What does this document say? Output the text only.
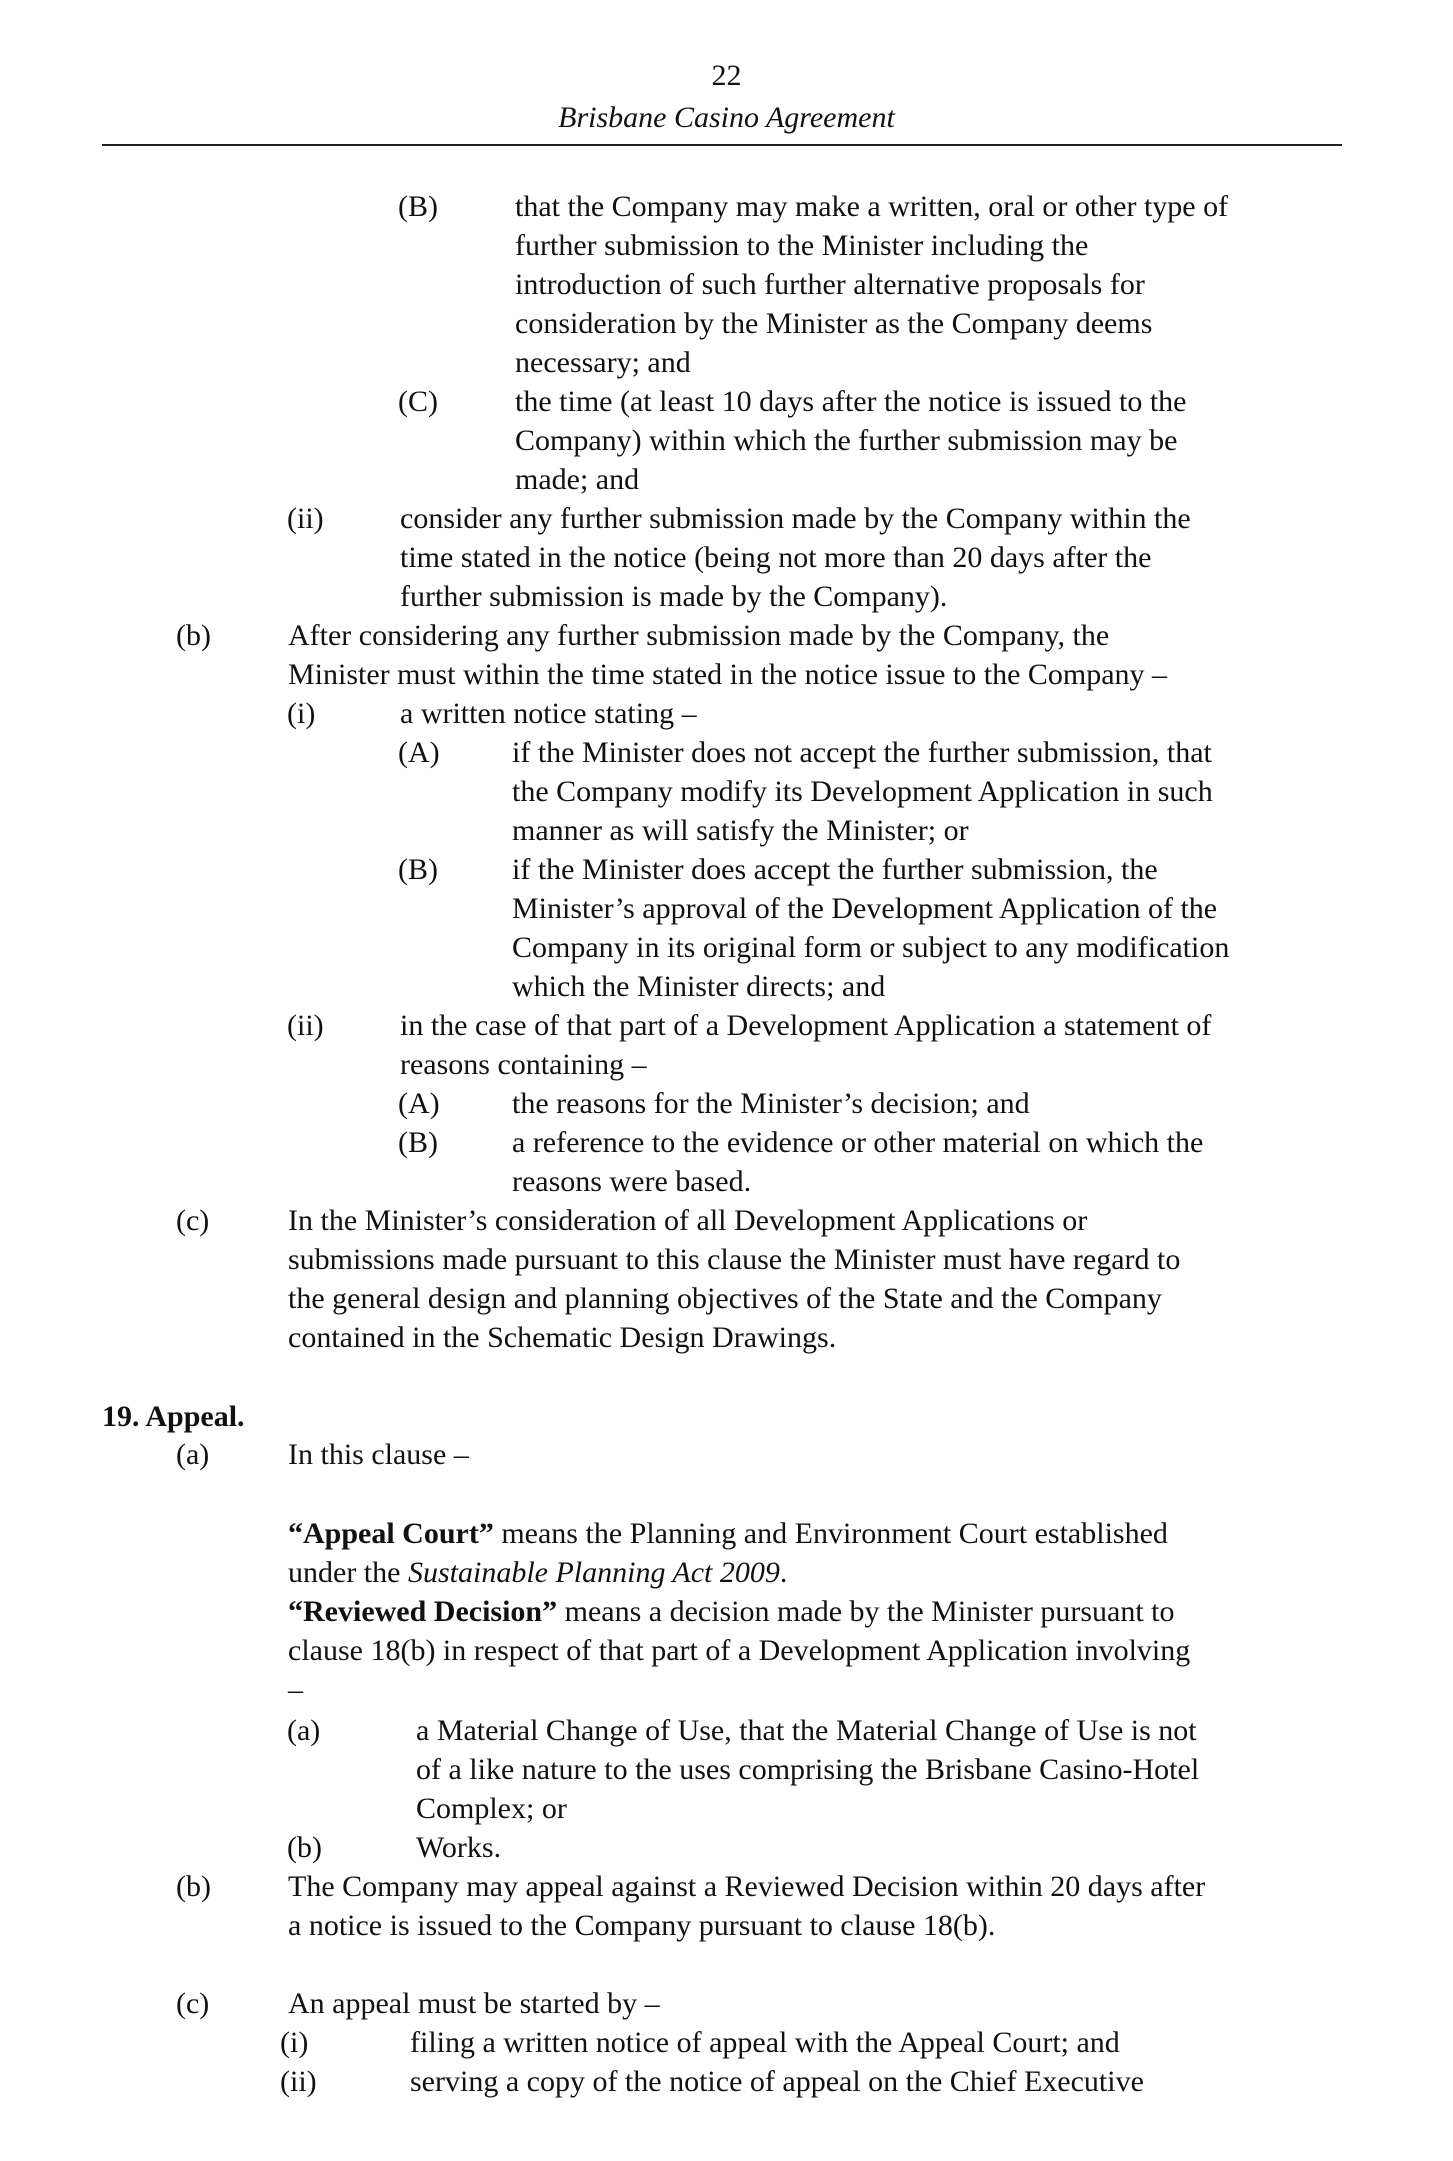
22
Brisbane Casino Agreement
(B)	that the Company may make a written, oral or other type of
further submission to the Minister including the
introduction of such further alternative proposals for
consideration by the Minister as the Company deems
necessary; and
(C)	the time (at least 10 days after the notice is issued to the
Company) within which the further submission may be
made; and
(ii)	consider any further submission made by the Company within the
time stated in the notice (being not more than 20 days after the
further submission is made by the Company).
(b)	After considering any further submission made by the Company, the
Minister must within the time stated in the notice issue to the Company –
(i)	a written notice stating –
(A) if the Minister does not accept the further submission, that
the Company modify its Development Application in such
manner as will satisfy the Minister; or
(B) if the Minister does accept the further submission, the
Minister’s approval of the Development Application of the
Company in its original form or subject to any modification
which the Minister directs; and
(ii)	in the case of that part of a Development Application a statement of
reasons containing –
(A) the reasons for the Minister’s decision; and
(B) a reference to the evidence or other material on which the
reasons were based.
(c)	In the Minister’s consideration of all Development Applications or
submissions made pursuant to this clause the Minister must have regard to
the general design and planning objectives of the State and the Company
contained in the Schematic Design Drawings.
19. Appeal.
(a)	In this clause –
“Appeal Court” means the Planning and Environment Court established
under the Sustainable Planning Act 2009.
“Reviewed Decision” means a decision made by the Minister pursuant to
clause 18(b) in respect of that part of a Development Application involving
–
(a)	a Material Change of Use, that the Material Change of Use is not
of a like nature to the uses comprising the Brisbane Casino-Hotel
Complex; or
(b)	Works.
(b)	The Company may appeal against a Reviewed Decision within 20 days after
a notice is issued to the Company pursuant to clause 18(b).
(c)	An appeal must be started by –
(i)	filing a written notice of appeal with the Appeal Court; and
(ii)	serving a copy of the notice of appeal on the Chief Executive
